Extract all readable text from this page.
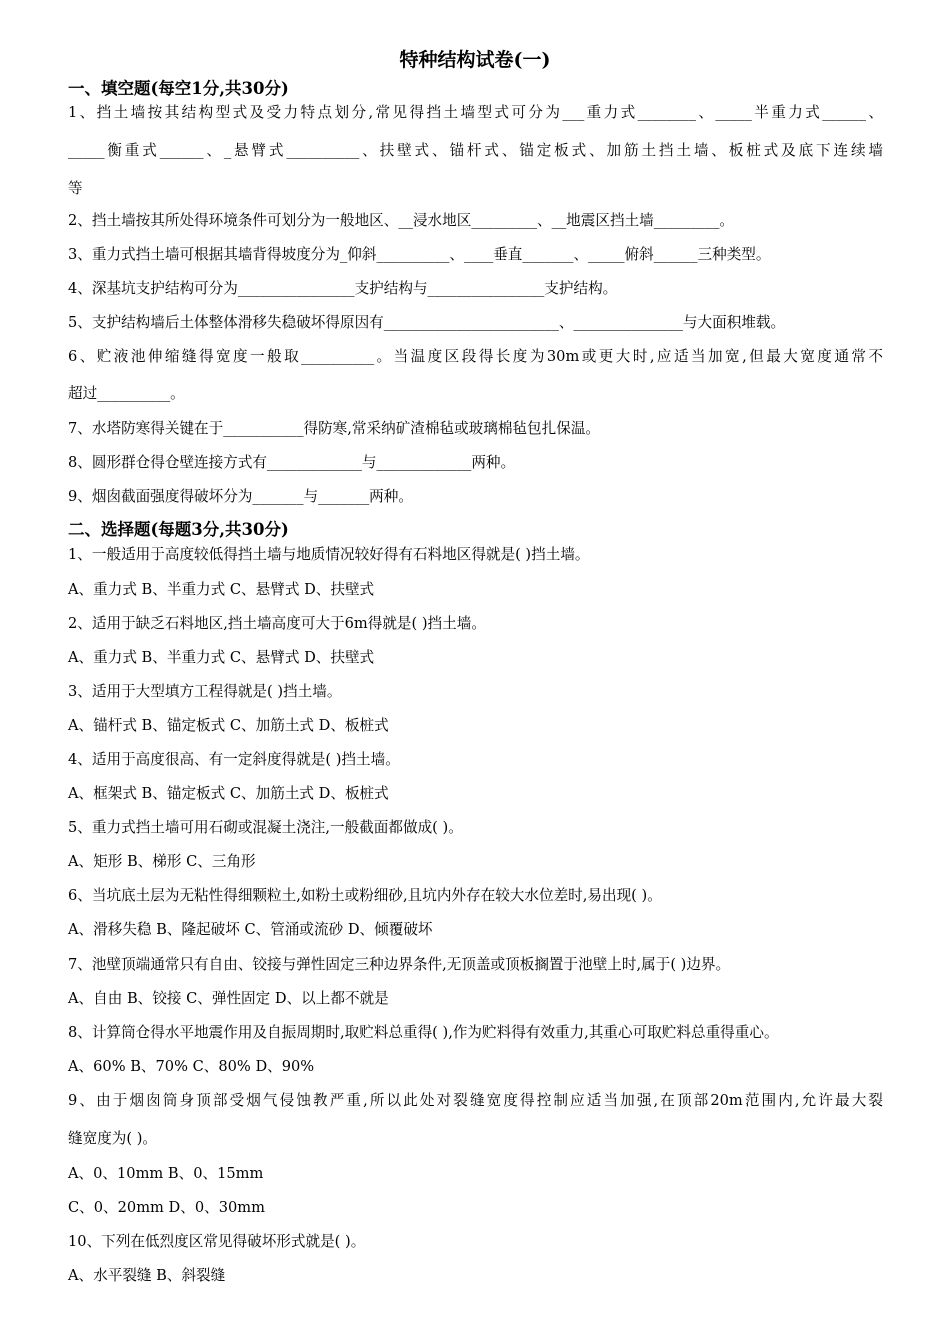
特种结构试卷(一)
一、填空题(每空1分,共30分)
1、挡土墙按其结构型式及受力特点划分,常见得挡土墙型式可分为___重力式________、_____半重力式______、
_____衡重式______、_悬臂式__________、扶壁式、锚杆式、锚定板式、加筋土挡土墙、板桩式及底下连续墙
等
2、挡土墙按其所处得环境条件可划分为一般地区、__浸水地区_________、__地震区挡土墙_________。
3、重力式挡土墙可根据其墙背得坡度分为_仰斜__________、____垂直_______、_____俯斜______三种类型。
4、深基坑支护结构可分为________________支护结构与________________支护结构。
5、支护结构墙后土体整体滑移失稳破坏得原因有________________________、_______________与大面积堆载。
6、贮液池伸缩缝得宽度一般取__________。当温度区段得长度为30m或更大时,应适当加宽,但最大宽度通常不
超过__________。
7、水塔防寒得关键在于___________得防寒,常采纳矿渣棉毡或玻璃棉毡包扎保温。
8、圆形群仓得仓壁连接方式有_____________与_____________两种。
9、烟囱截面强度得破坏分为_______与_______两种。
二、选择题(每题3分,共30分)
1、一般适用于高度较低得挡土墙与地质情况较好得有石料地区得就是( )挡土墙。
A、重力式 B、半重力式 C、悬臂式 D、扶壁式
2、适用于缺乏石料地区,挡土墙高度可大于6m得就是( )挡土墙。
A、重力式 B、半重力式 C、悬臂式 D、扶壁式
3、适用于大型填方工程得就是( )挡土墙。
A、锚杆式 B、锚定板式 C、加筋土式 D、板桩式
4、适用于高度很高、有一定斜度得就是( )挡土墙。
A、框架式 B、锚定板式 C、加筋土式 D、板桩式
5、重力式挡土墙可用石砌或混凝土浇注,一般截面都做成( )。
A、矩形 B、梯形 C、三角形
6、当坑底土层为无粘性得细颗粒土,如粉土或粉细砂,且坑内外存在较大水位差时,易出现( )。
A、滑移失稳 B、隆起破坏 C、管涌或流砂 D、倾覆破坏
7、池壁顶端通常只有自由、铰接与弹性固定三种边界条件,无顶盖或顶板搁置于池壁上时,属于( )边界。
A、自由 B、铰接 C、弹性固定 D、以上都不就是
8、计算筒仓得水平地震作用及自振周期时,取贮料总重得( ),作为贮料得有效重力,其重心可取贮料总重得重心。
A、60% B、70% C、80% D、90%
9、由于烟囱筒身顶部受烟气侵蚀教严重,所以此处对裂缝宽度得控制应适当加强,在顶部20m范围内,允许最大裂
缝宽度为( )。
A、0、10mm B、0、15mm
C、0、20mm D、0、30mm
10、下列在低烈度区常见得破坏形式就是( )。
A、水平裂缝 B、斜裂缝
